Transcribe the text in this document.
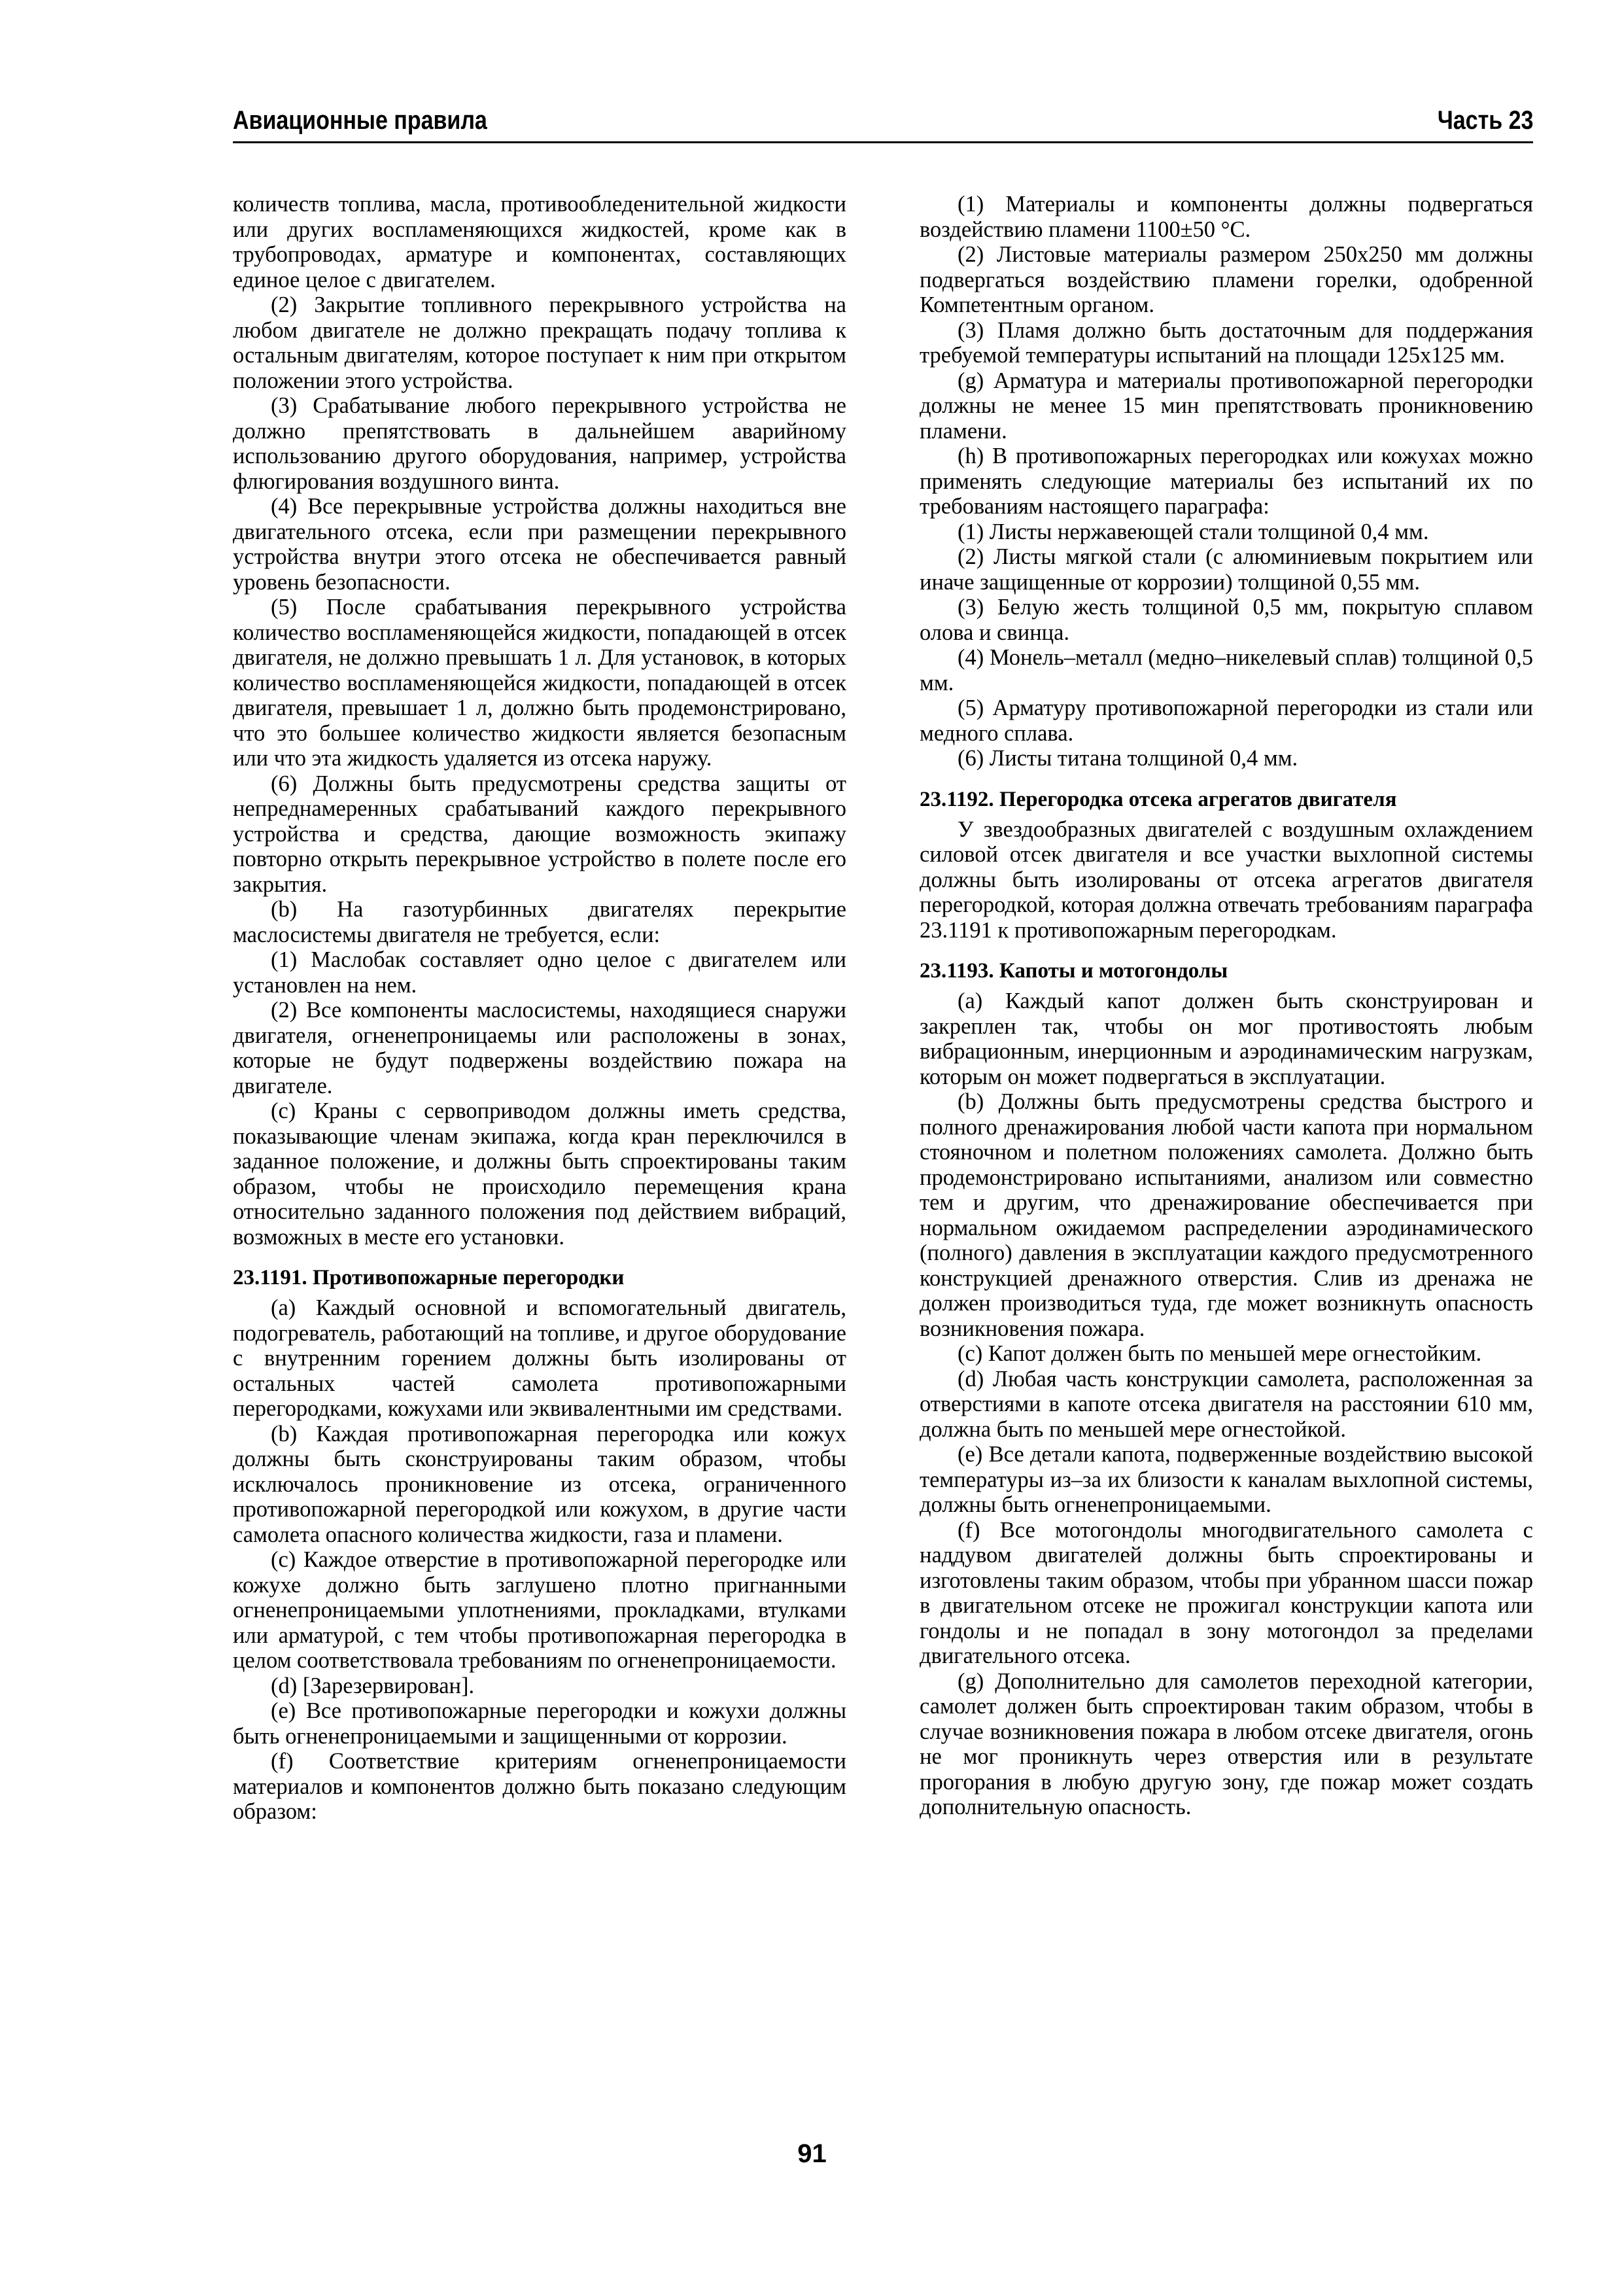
Авиационные правила	Часть 23

количеств топлива, масла, противообледенительной жидкости или других воспламеняющихся жидкостей, кроме как в трубопроводах, арматуре и компонентах, составляющих единое целое с двигателем.

(2) Закрытие топливного перекрывного устройства на любом двигателе не должно прекращать подачу топлива к остальным двигателям, которое поступает к ним при открытом положении этого устройства.

(3) Срабатывание любого перекрывного устройства не должно препятствовать в дальнейшем аварийному использованию другого оборудования, например, устройства флюгирования воздушного винта.

(4) Все перекрывные устройства должны находиться вне двигательного отсека, если при размещении перекрывного устройства внутри этого отсека не обеспечивается равный уровень безопасности.

(5) После срабатывания перекрывного устройства количество воспламеняющейся жидкости, попадающей в отсек двигателя, не должно превышать 1 л. Для установок, в которых количество воспламеняющейся жидкости, попадающей в отсек двигателя, превышает 1 л, должно быть продемонстрировано, что это большее количество жидкости является безопасным или что эта жидкость удаляется из отсека наружу.

(6) Должны быть предусмотрены средства защиты от непреднамеренных срабатываний каждого перекрывного устройства и средства, дающие возможность экипажу повторно открыть перекрывное устройство в полете после его закрытия.

(b) На газотурбинных двигателях перекрытие маслосистемы двигателя не требуется, если:

(1) Маслобак составляет одно целое с двигателем или установлен на нем.

(2) Все компоненты маслосистемы, находящиеся снаружи двигателя, огненепроницаемы или расположены в зонах, которые не будут подвержены воздействию пожара на двигателе.

(c) Краны с сервоприводом должны иметь средства, показывающие членам экипажа, когда кран переключился в заданное положение, и должны быть спроектированы таким образом, чтобы не происходило перемещения крана относительно заданного положения под действием вибраций, возможных в месте его установки.

23.1191. Противопожарные перегородки

(a) Каждый основной и вспомогательный двигатель, подогреватель, работающий на топливе, и другое оборудование с внутренним горением должны быть изолированы от остальных частей самолета противопожарными перегородками, кожухами или эквивалентными им средствами.

(b) Каждая противопожарная перегородка или кожух должны быть сконструированы таким образом, чтобы исключалось проникновение из отсека, ограниченного противопожарной перегородкой или кожухом, в другие части самолета опасного количества жидкости, газа и пламени.

(c) Каждое отверстие в противопожарной перегородке или кожухе должно быть заглушено плотно пригнанными огненепроницаемыми уплотнениями, прокладками, втулками или арматурой, с тем чтобы противопожарная перегородка в целом соответствовала требованиям по огненепроницаемости.

(d) [Зарезервирован].

(e) Все противопожарные перегородки и кожухи должны быть огненепроницаемыми и защищенными от коррозии.

(f) Соответствие критериям огненепроницаемости материалов и компонентов должно быть показано следующим образом:

(1) Материалы и компоненты должны подвергаться воздействию пламени 1100±50 °С.

(2) Листовые материалы размером 250x250 мм должны подвергаться воздействию пламени горелки, одобренной Компетентным органом.

(3) Пламя должно быть достаточным для поддержания требуемой температуры испытаний на площади 125x125 мм.

(g) Арматура и материалы противопожарной перегородки должны не менее 15 мин препятствовать проникновению пламени.

(h) В противопожарных перегородках или кожухах можно применять следующие материалы без испытаний их по требованиям настоящего параграфа:

(1) Листы нержавеющей стали толщиной 0,4 мм.

(2) Листы мягкой стали (с алюминиевым покрытием или иначе защищенные от коррозии) толщиной 0,55 мм.

(3) Белую жесть толщиной 0,5 мм, покрытую сплавом олова и свинца.

(4) Монель–металл (медно–никелевый сплав) толщиной 0,5 мм.

(5) Арматуру противопожарной перегородки из стали или медного сплава.

(6) Листы титана толщиной 0,4 мм.

23.1192. Перегородка отсека агрегатов двигателя

У звездообразных двигателей с воздушным охлаждением силовой отсек двигателя и все участки выхлопной системы должны быть изолированы от отсека агрегатов двигателя перегородкой, которая должна отвечать требованиям параграфа 23.1191 к противопожарным перегородкам.

23.1193. Капоты и мотогондолы

(a) Каждый капот должен быть сконструирован и закреплен так, чтобы он мог противостоять любым вибрационным, инерционным и аэродинамическим нагрузкам, которым он может подвергаться в эксплуатации.

(b) Должны быть предусмотрены средства быстрого и полного дренажирования любой части капота при нормальном стояночном и полетном положениях самолета. Должно быть продемонстрировано испытаниями, анализом или совместно тем и другим, что дренажирование обеспечивается при нормальном ожидаемом распределении аэродинамического (полного) давления в эксплуатации каждого предусмотренного конструкцией дренажного отверстия. Слив из дренажа не должен производиться туда, где может возникнуть опасность возникновения пожара.

(c) Капот должен быть по меньшей мере огнестойким.

(d) Любая часть конструкции самолета, расположенная за отверстиями в капоте отсека двигателя на расстоянии 610 мм, должна быть по меньшей мере огнестойкой.

(e) Все детали капота, подверженные воздействию высокой температуры из–за их близости к каналам выхлопной системы, должны быть огненепроницаемыми.

(f) Все мотогондолы многодвигательного самолета с наддувом двигателей должны быть спроектированы и изготовлены таким образом, чтобы при убранном шасси пожар в двигательном отсеке не прожигал конструкции капота или гондолы и не попадал в зону мотогондол за пределами двигательного отсека.

(g) Дополнительно для самолетов переходной категории, самолет должен быть спроектирован таким образом, чтобы в случае возникновения пожара в любом отсеке двигателя, огонь не мог проникнуть через отверстия или в результате прогорания в любую другую зону, где пожар может создать дополнительную опасность.

91
